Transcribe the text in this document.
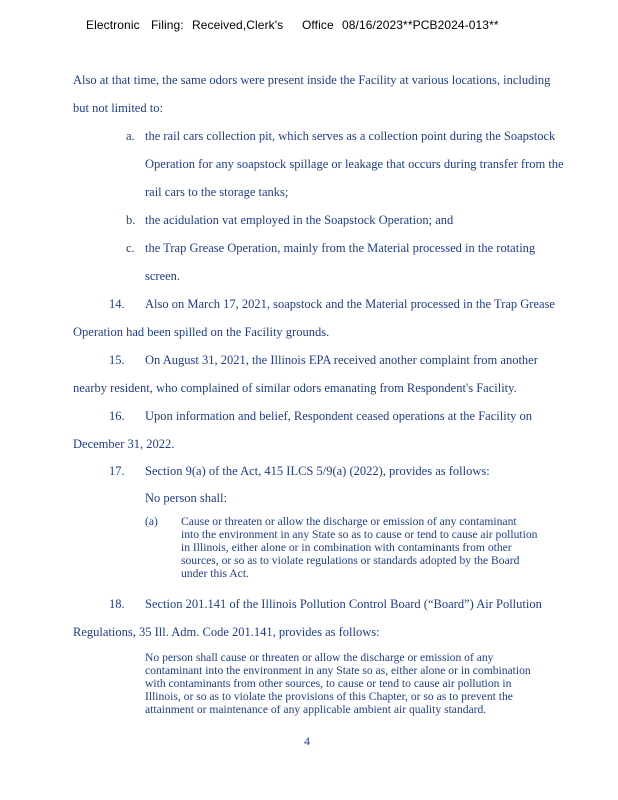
Electronic Filing: Received,Clerk's Office 08/16/2023**PCB2024-013**
Also at that time, the same odors were present inside the Facility at various locations, including
but not limited to:
a. the rail cars collection pit, which serves as a collection point during the Soapstock
Operation for any soapstock spillage or leakage that occurs during transfer from the
rail cars to the storage tanks;
b. the acidulation vat employed in the Soapstock Operation; and
c. the Trap Grease Operation, mainly from the Material processed in the rotating
screen.
14. Also on March 17, 2021, soapstock and the Material processed in the Trap Grease
Operation had been spilled on the Facility grounds.
15. On August 31, 2021, the Illinois EPA received another complaint from another
nearby resident, who complained of similar odors emanating from Respondent's Facility.
16. Upon information and belief, Respondent ceased operations at the Facility on
December 31, 2022.
17. Section 9(a) of the Act, 415 ILCS 5/9(a) (2022), provides as follows:
No person shall:
(a) Cause or threaten or allow the discharge or emission of any contaminant
into the environment in any State so as to cause or tend to cause air pollution
in Illinois, either alone or in combination with contaminants from other
sources, or so as to violate regulations or standards adopted by the Board
under this Act.
18. Section 201.141 of the Illinois Pollution Control Board (“Board”) Air Pollution
Regulations, 35 Ill. Adm. Code 201.141, provides as follows:
No person shall cause or threaten or allow the discharge or emission of any
contaminant into the environment in any State so as, either alone or in combination
with contaminants from other sources, to cause or tend to cause air pollution in
Illinois, or so as to violate the provisions of this Chapter, or so as to prevent the
attainment or maintenance of any applicable ambient air quality standard.
4
